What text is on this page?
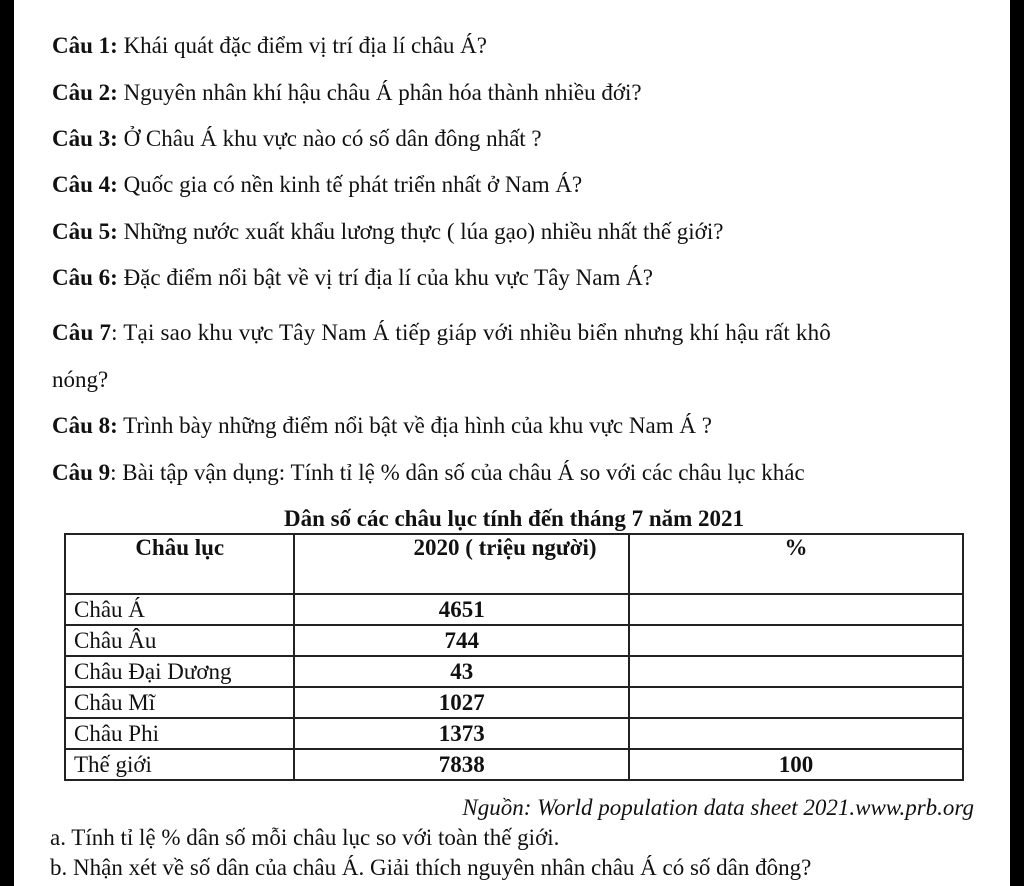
Câu 1: Khái quát đặc điểm vị trí địa lí châu Á?
Câu 2: Nguyên nhân khí hậu châu Á phân hóa thành nhiều đới?
Câu 3: Ở Châu Á khu vực nào có số dân đông nhất ?
Câu 4: Quốc gia có nền kinh tế phát triển nhất ở Nam Á?
Câu 5: Những nước xuất khẩu lương thực ( lúa gạo) nhiều nhất thế giới?
Câu 6: Đặc điểm nổi bật về vị trí địa lí của khu vực Tây Nam Á?
Câu 7: Tại sao khu vực Tây Nam Á tiếp giáp với nhiều biển nhưng khí hậu rất khô
nóng?
Câu 8: Trình bày những điểm nổi bật về địa hình của khu vực Nam Á ?
Câu 9: Bài tập vận dụng: Tính tỉ lệ % dân số của châu Á so với các châu lục khác
Dân số các châu lục tính đến tháng 7 năm 2021
Châu lục	2020 ( triệu người)	%
Châu Á	4651	
Châu Âu	744	
Châu Đại Dương	43	
Châu Mĩ	1027	
Châu Phi	1373	
Thế giới	7838	100
Nguồn: World population data sheet 2021.www.prb.org
a. Tính tỉ lệ % dân số mỗi châu lục so với toàn thế giới.
b. Nhận xét về số dân của châu Á. Giải thích nguyên nhân châu Á có số dân đông?
